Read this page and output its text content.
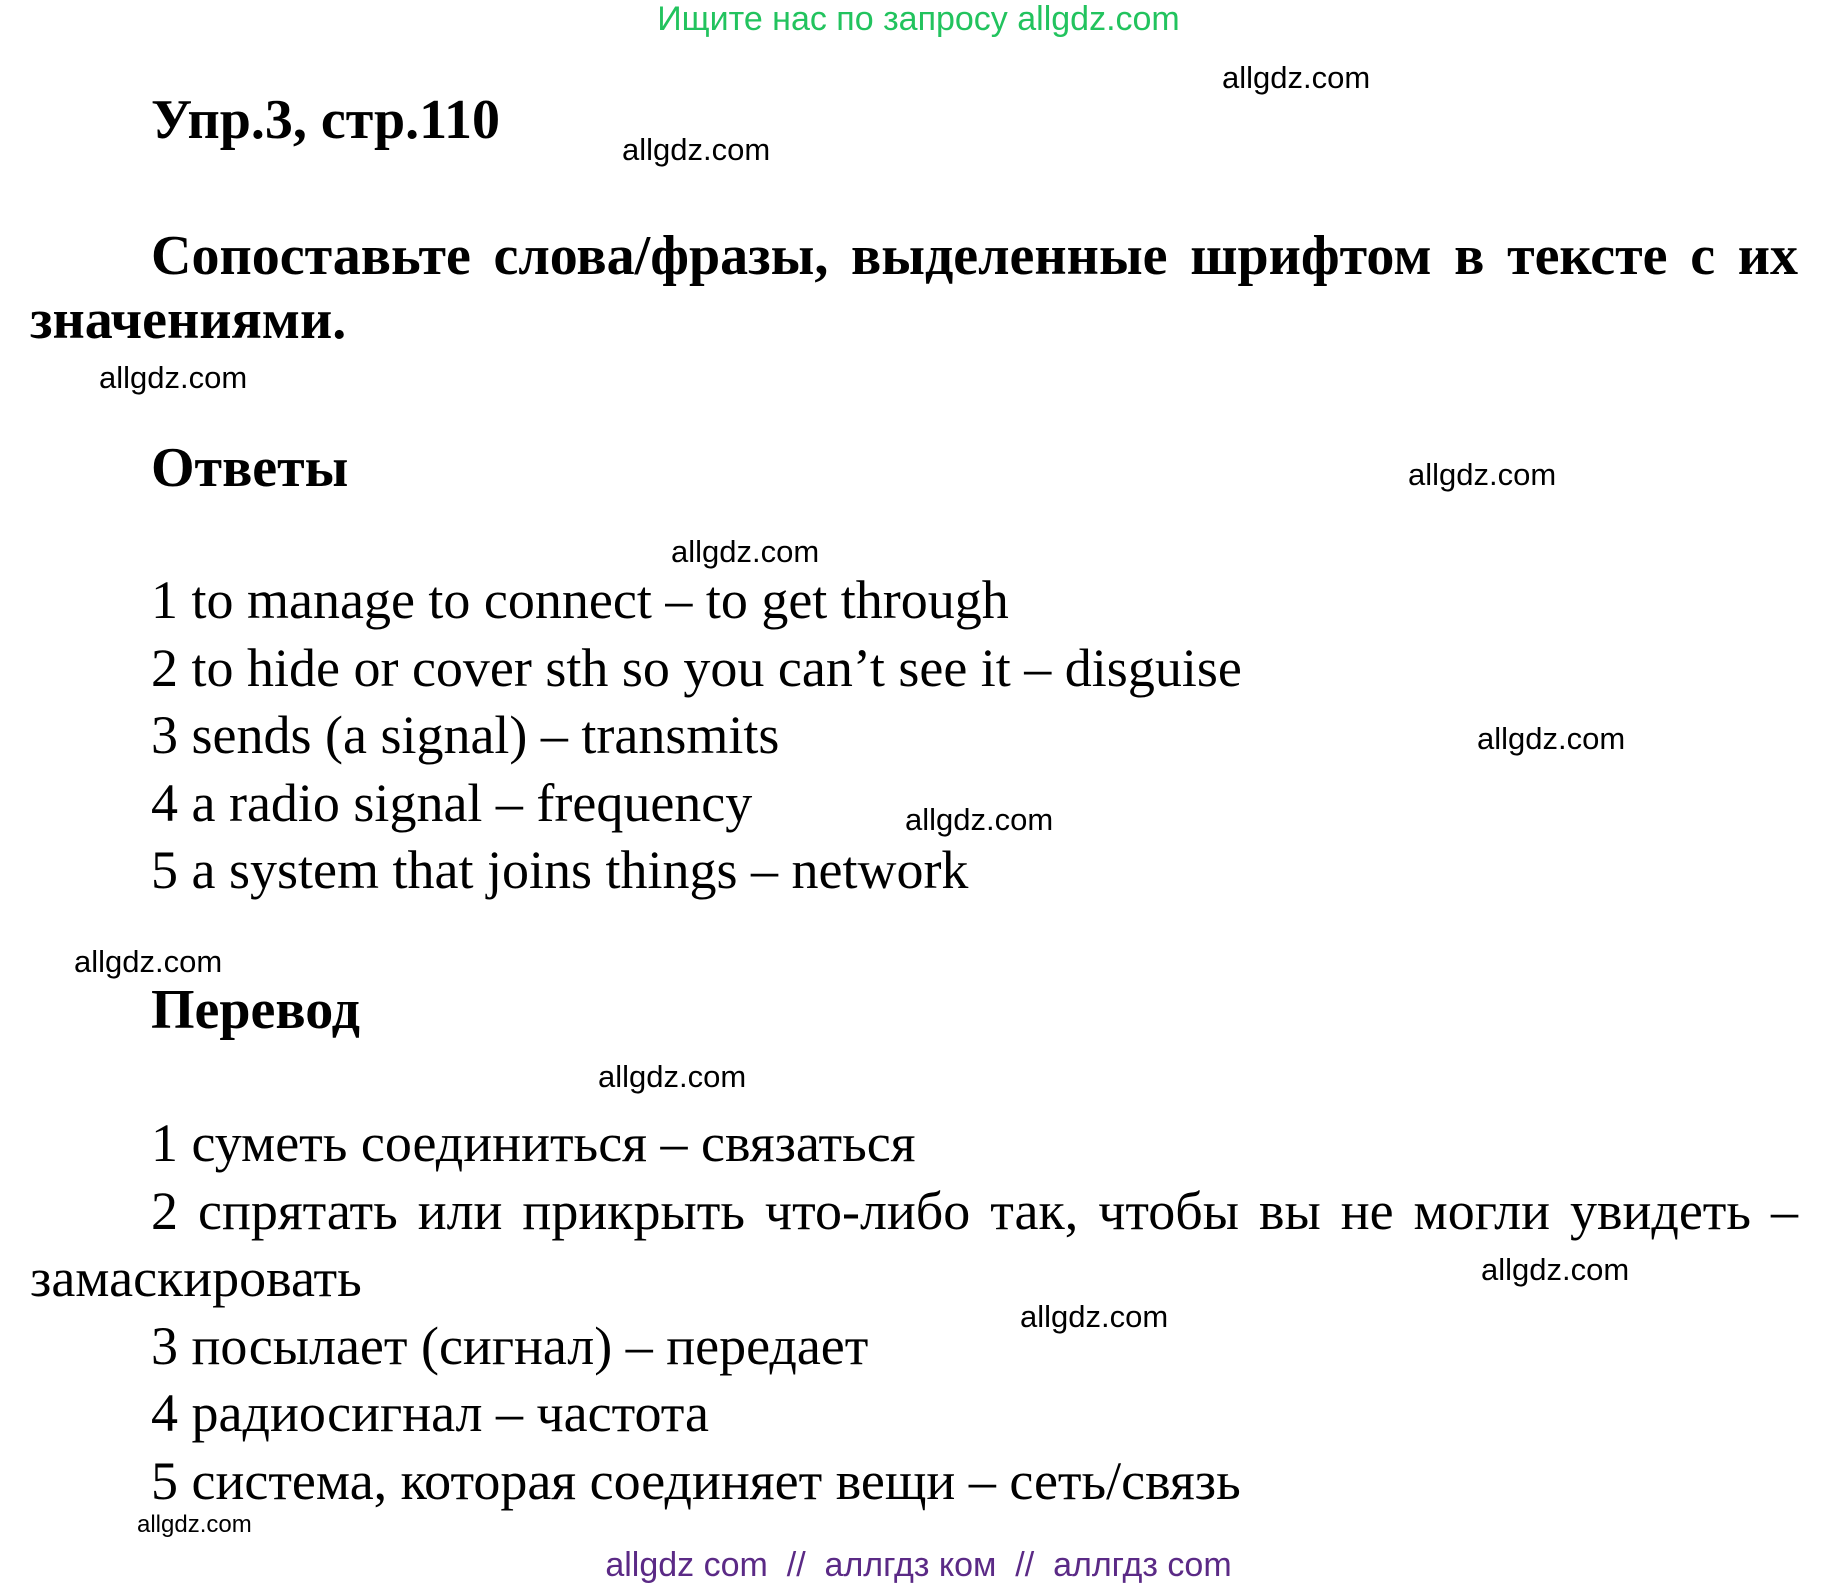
Ищите нас по запросу allgdz.com
Упр.3, стр.110
Сопоставьте слова/фразы, выделенные шрифтом в тексте с их значениями.
Ответы
1 to manage to connect – to get through
2 to hide or cover sth so you can’t see it – disguise
3 sends (a signal) – transmits
4 a radio signal – frequency
5 a system that joins things – network
Перевод
1 суметь соединиться – связаться
2 спрятать или прикрыть что-либо так, чтобы вы не могли увидеть – замаскировать
3 посылает (сигнал) – передает
4 радиосигнал – частота
5 система, которая соединяет вещи – сеть/связь
allgdz.com
allgdz.com
allgdz.com
allgdz.com
allgdz.com
allgdz.com
allgdz.com
allgdz.com
allgdz.com
allgdz.com
allgdz.com
allgdz.com
allgdz com  //  аллгдз ком  //  аллгдз com
